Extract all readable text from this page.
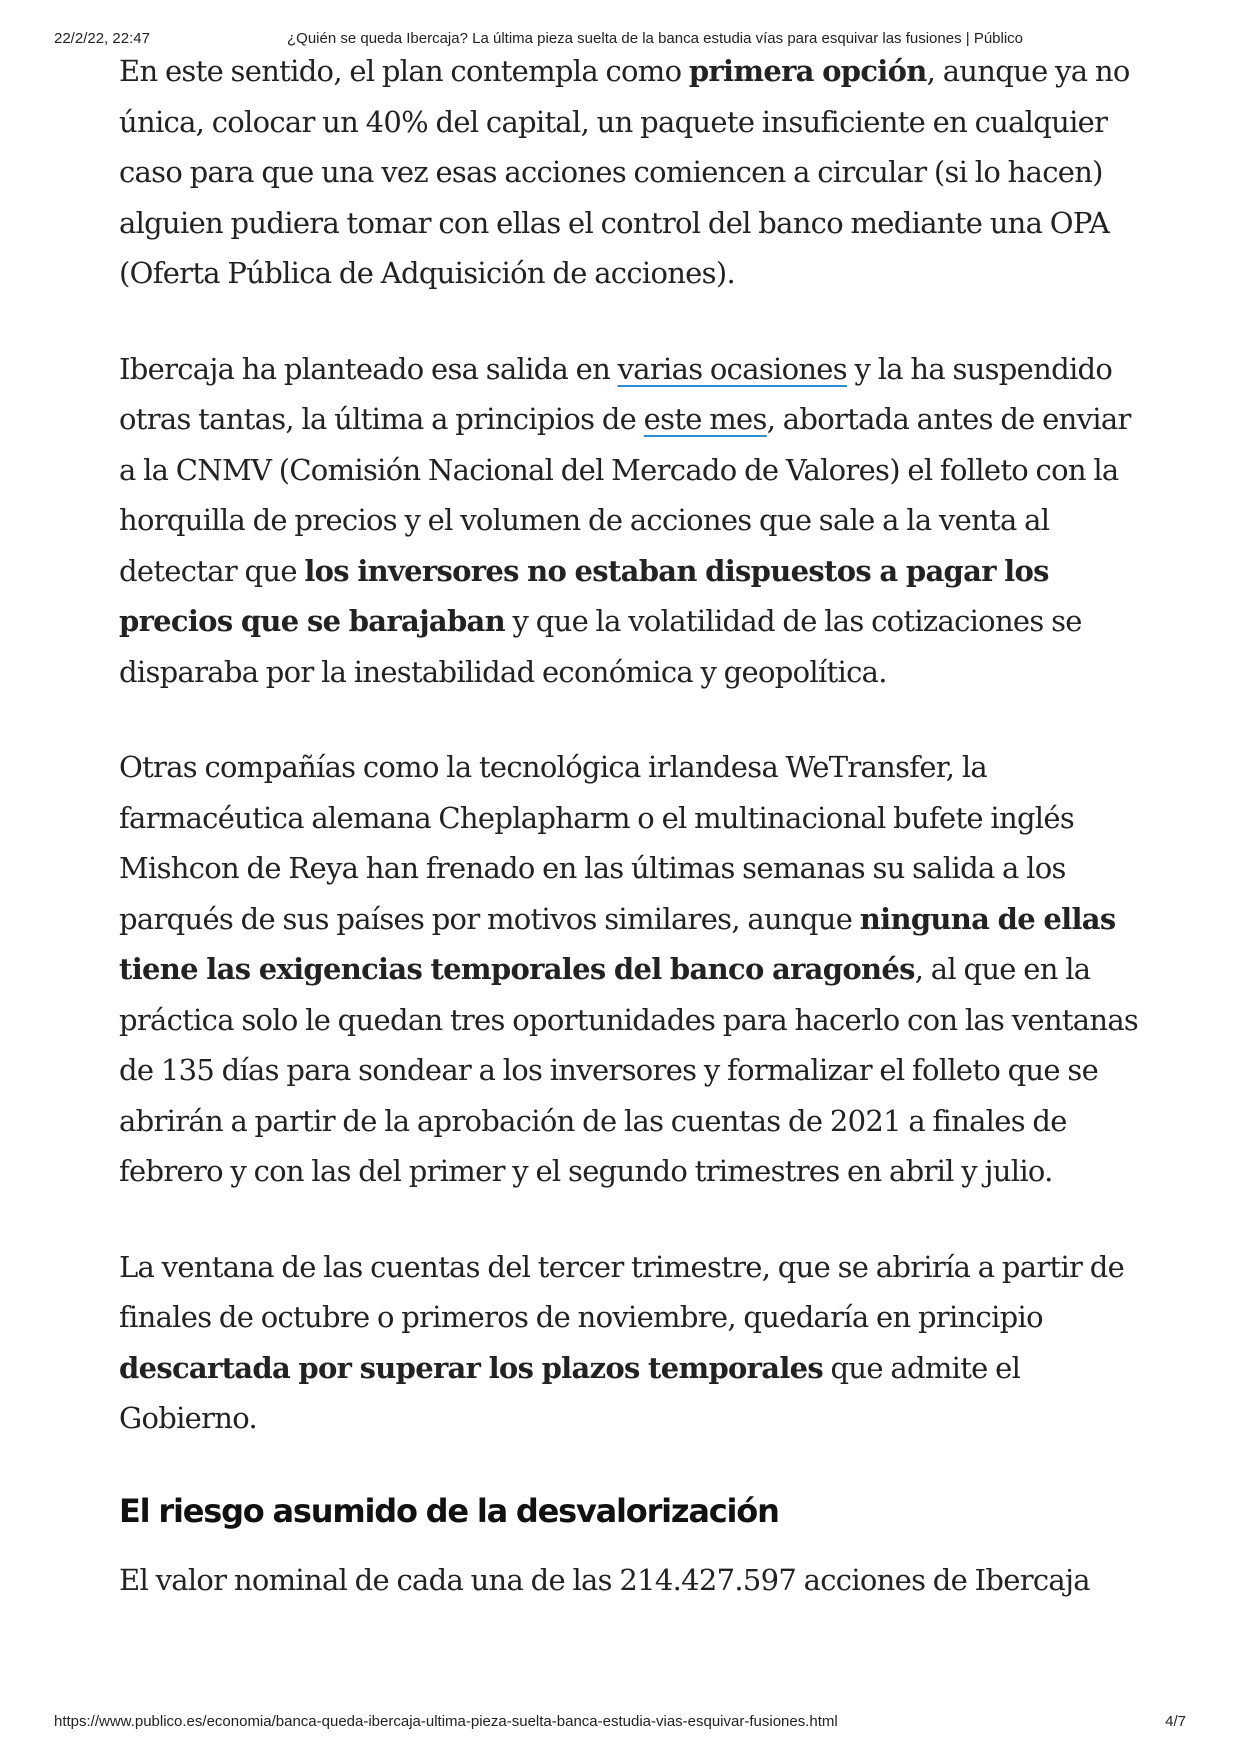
22/2/22, 22:47	¿Quién se queda Ibercaja? La última pieza suelta de la banca estudia vías para esquivar las fusiones | Público

En este sentido, el plan contempla como primera opción, aunque ya no única, colocar un 40% del capital, un paquete insuficiente en cualquier caso para que una vez esas acciones comiencen a circular (si lo hacen) alguien pudiera tomar con ellas el control del banco mediante una OPA (Oferta Pública de Adquisición de acciones).

Ibercaja ha planteado esa salida en varias ocasiones y la ha suspendido otras tantas, la última a principios de este mes, abortada antes de enviar a la CNMV (Comisión Nacional del Mercado de Valores) el folleto con la horquilla de precios y el volumen de acciones que sale a la venta al detectar que los inversores no estaban dispuestos a pagar los precios que se barajaban y que la volatilidad de las cotizaciones se disparaba por la inestabilidad económica y geopolítica.

Otras compañías como la tecnológica irlandesa WeTransfer, la farmacéutica alemana Cheplapharm o el multinacional bufete inglés Mishcon de Reya han frenado en las últimas semanas su salida a los parqués de sus países por motivos similares, aunque ninguna de ellas tiene las exigencias temporales del banco aragonés, al que en la práctica solo le quedan tres oportunidades para hacerlo con las ventanas de 135 días para sondear a los inversores y formalizar el folleto que se abrirán a partir de la aprobación de las cuentas de 2021 a finales de febrero y con las del primer y el segundo trimestres en abril y julio.

La ventana de las cuentas del tercer trimestre, que se abriría a partir de finales de octubre o primeros de noviembre, quedaría en principio descartada por superar los plazos temporales que admite el Gobierno.

El riesgo asumido de la desvalorización

El valor nominal de cada una de las 214.427.597 acciones de Ibercaja

https://www.publico.es/economia/banca-queda-ibercaja-ultima-pieza-suelta-banca-estudia-vias-esquivar-fusiones.html	4/7
